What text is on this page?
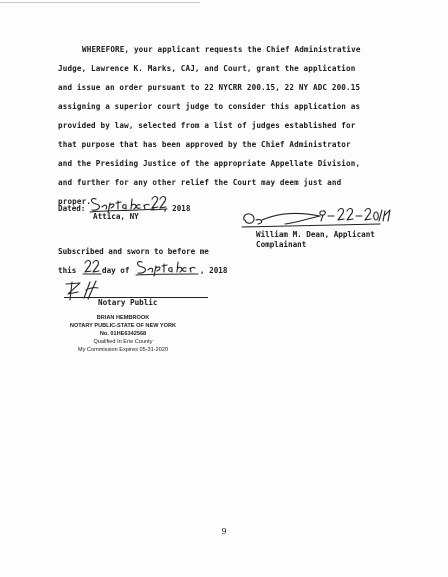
WHEREFORE, your applicant requests the Chief Administrative
Judge, Lawrence K. Marks, CAJ, and Court, grant the application
and issue an order pursuant to 22 NYCRR 200.15, 22 NY ADC 200.15
assigning a superior court judge to consider this application as
provided by law, selected from a list of judges established for
that purpose that has been approved by the Chief Administrator
and the Presiding Justice of the appropriate Appellate Division,
and further for any other relief the Court may deem just and
proper.
Dated:	, 2018
Attica, NY
William M. Dean, Applicant
Complainant
Subscribed and sworn to before me
this	day of	, 2018
Notary Public
BRIAN HEMBROOK
NOTARY PUBLIC-STATE OF NEW YORK
No. 01HE6342568
Qualified In Erie County
My Commission Expires 05-31-2020
9
